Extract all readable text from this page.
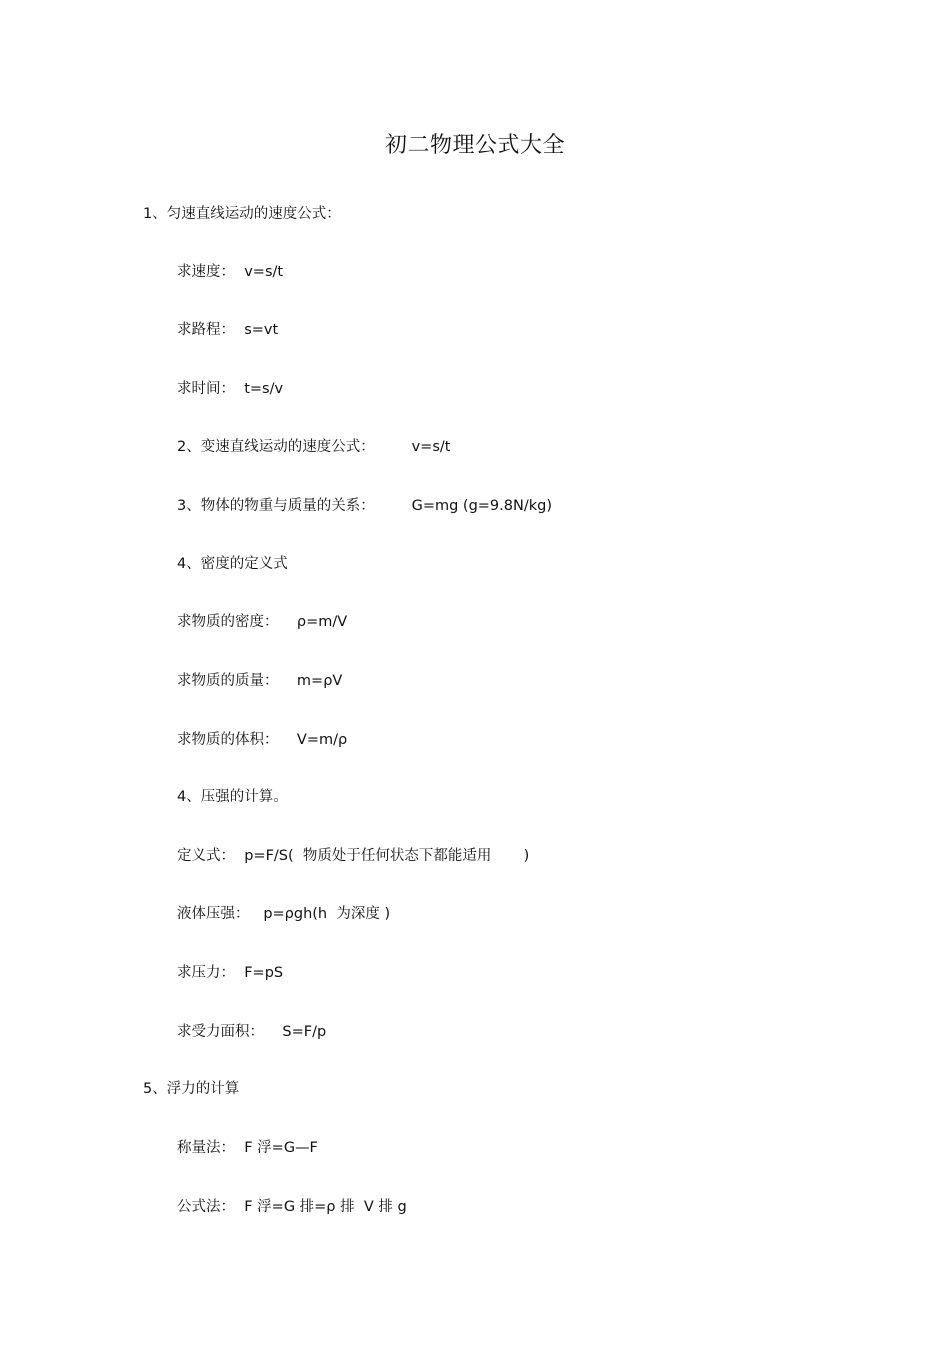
初二物理公式大全
1、匀速直线运动的速度公式：
求速度：  v=s/t
求路程：  s=vt
求时间：  t=s/v
2、变速直线运动的速度公式：        v=s/t
3、物体的物重与质量的关系：        G=mg (g=9.8N/kg)
4、密度的定义式
求物质的密度：    ρ=m/V
求物质的质量：    m=ρV
求物质的体积：    V=m/ρ
4、压强的计算。
定义式：  p=F/S(  物质处于任何状态下都能适用       )
液体压强：   p=ρgh(h  为深度 )
求压力：  F=pS
求受力面积：    S=F/p
5、浮力的计算
称量法：  F 浮=G—F
公式法：  F 浮=G 排=ρ 排  V 排 g
